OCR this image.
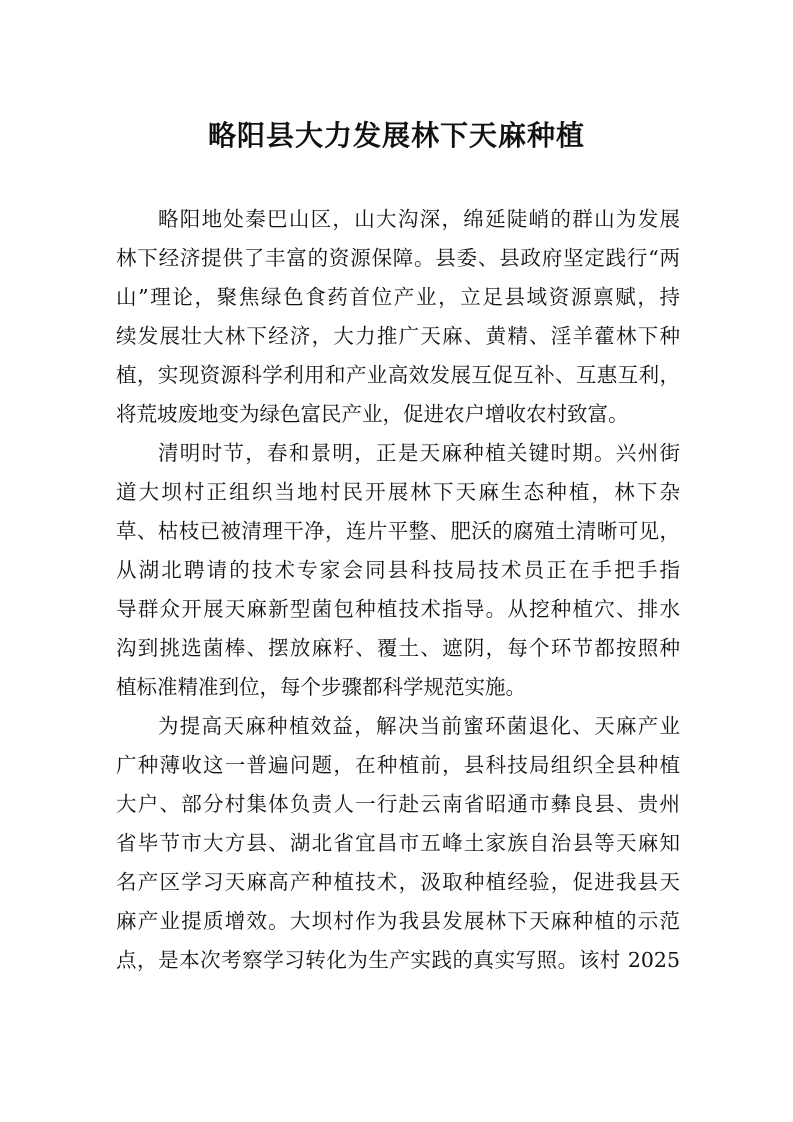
略阳县大力发展林下天麻种植
略阳地处秦巴山区，山大沟深，绵延陡峭的群山为发展
林下经济提供了丰富的资源保障。县委、县政府坚定践行“两
山”理论，聚焦绿色食药首位产业，立足县域资源禀赋，持
续发展壮大林下经济，大力推广天麻、黄精、淫羊藿林下种
植，实现资源科学利用和产业高效发展互促互补、互惠互利，
将荒坡废地变为绿色富民产业，促进农户增收农村致富。
清明时节，春和景明，正是天麻种植关键时期。兴州街
道大坝村正组织当地村民开展林下天麻生态种植，林下杂
草、枯枝已被清理干净，连片平整、肥沃的腐殖土清晰可见，
从湖北聘请的技术专家会同县科技局技术员正在手把手指
导群众开展天麻新型菌包种植技术指导。从挖种植穴、排水
沟到挑选菌棒、摆放麻籽、覆土、遮阴，每个环节都按照种
植标准精准到位，每个步骤都科学规范实施。
为提高天麻种植效益，解决当前蜜环菌退化、天麻产业
广种薄收这一普遍问题，在种植前，县科技局组织全县种植
大户、部分村集体负责人一行赴云南省昭通市彝良县、贵州
省毕节市大方县、湖北省宜昌市五峰土家族自治县等天麻知
名产区学习天麻高产种植技术，汲取种植经验，促进我县天
麻产业提质增效。大坝村作为我县发展林下天麻种植的示范
点，是本次考察学习转化为生产实践的真实写照。该村 2025
